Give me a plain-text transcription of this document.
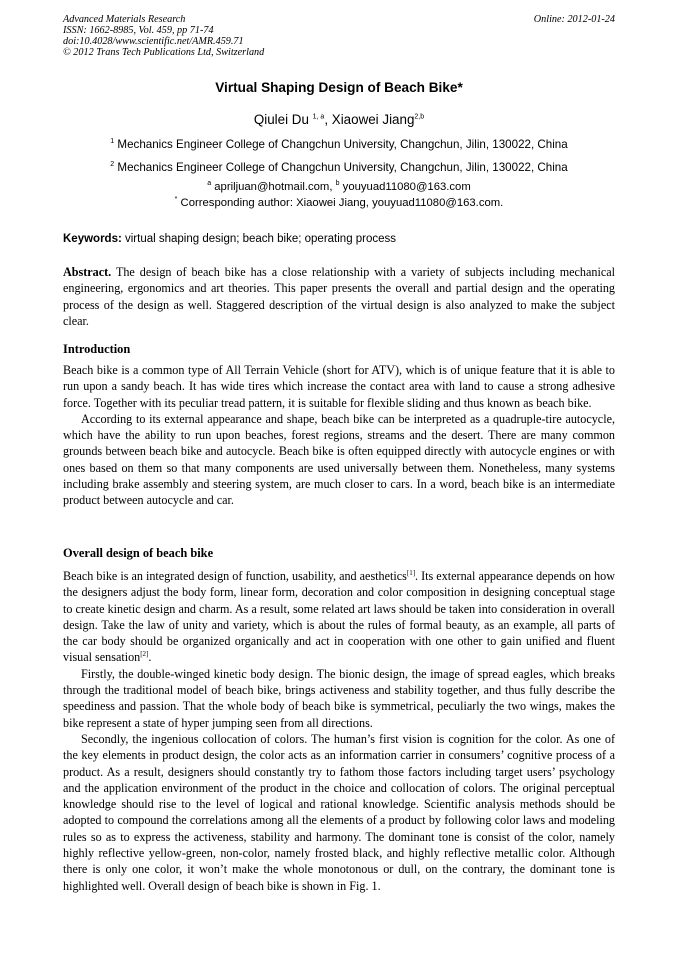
Advanced Materials Research
ISSN: 1662-8985, Vol. 459, pp 71-74
doi:10.4028/www.scientific.net/AMR.459.71
© 2012 Trans Tech Publications Ltd, Switzerland
Online: 2012-01-24
Virtual Shaping Design of Beach Bike*
Qiulei Du $^{1, a}$, Xiaowei Jiang$^{2,b}$
$^1$ Mechanics Engineer College of Changchun University, Changchun, Jilin, 130022, China
$^2$ Mechanics Engineer College of Changchun University, Changchun, Jilin, 130022, China
$^a$ apriljuan@hotmail.com, $^b$ youyuad11080@163.com
* Corresponding author: Xiaowei Jiang, youyuad11080@163.com.
Keywords: virtual shaping design; beach bike; operating process

Abstract. The design of beach bike has a close relationship with a variety of subjects including mechanical engineering, ergonomics and art theories. This paper presents the overall and partial design and the operating process of the design as well. Staggered description of the virtual design is also analyzed to make the subject clear.

Introduction

Beach bike is a common type of All Terrain Vehicle (short for ATV), which is of unique feature that it is able to run upon a sandy beach. It has wide tires which increase the contact area with land to cause a strong adhesive force. Together with its peculiar tread pattern, it is suitable for flexible sliding and thus known as beach bike.

According to its external appearance and shape, beach bike can be interpreted as a quadruple-tire autocycle, which have the ability to run upon beaches, forest regions, streams and the desert. There are many common grounds between beach bike and autocycle. Beach bike is often equipped directly with autocycle engines or with ones based on them so that many components are used universally between them. Nonetheless, many systems including brake assembly and steering system, are much closer to cars. In a word, beach bike is an intermediate product between autocycle and car.

Overall design of beach bike

Beach bike is an integrated design of function, usability, and aesthetics[1]. Its external appearance depends on how the designers adjust the body form, linear form, decoration and color composition in designing conceptual stage to create kinetic design and charm. As a result, some related art laws should be taken into consideration in overall design. Take the law of unity and variety, which is about the rules of formal beauty, as an example, all parts of the car body should be organized organically and act in cooperation with one other to gain unified and fluent visual sensation[2].

Firstly, the double-winged kinetic body design. The bionic design, the image of spread eagles, which breaks through the traditional model of beach bike, brings activeness and stability together, and thus fully describe the speediness and passion. That the whole body of beach bike is symmetrical, peculiarly the two wings, makes the bike represent a state of hyper jumping seen from all directions.

Secondly, the ingenious collocation of colors. The human’s first vision is cognition for the color. As one of the key elements in product design, the color acts as an information carrier in consumers’ cognitive process of a product. As a result, designers should constantly try to fathom those factors including target users’ psychology and the application environment of the product in the choice and collocation of colors. The original perceptual knowledge should rise to the level of logical and rational knowledge. Scientific analysis methods should be adopted to compound the correlations among all the elements of a product by following color laws and modeling rules so as to express the activeness, stability and harmony. The dominant tone is consist of the color, namely highly reflective yellow-green, non-color, namely frosted black, and highly reflective metallic color. Although there is only one color, it won’t make the whole monotonous or dull, on the contrary, the dominant tone is highlighted well. Overall design of beach bike is shown in Fig. 1.
